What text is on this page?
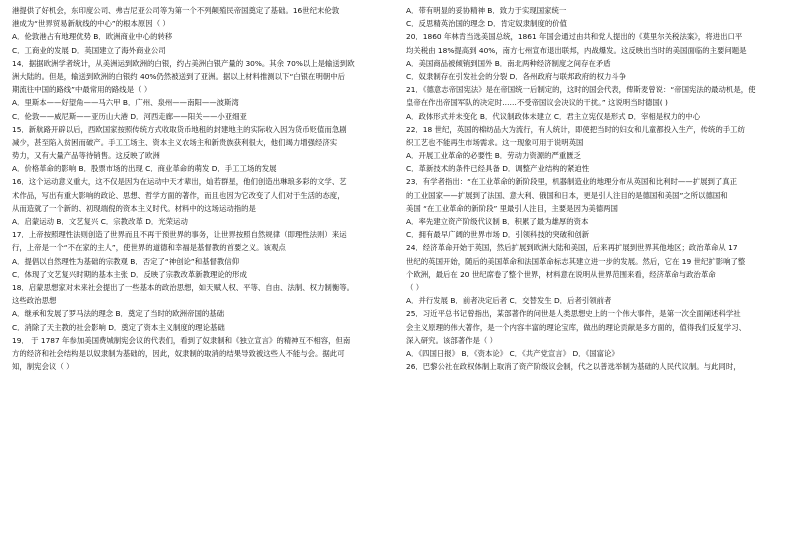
港提供了好机会，东印度公司、弗吉尼亚公司等为第一个不列颠殖民帝国奠定了基础。16世纪末伦敦
港成为“世界贸易新航线的中心”的根本原因（ ）
A．伦敦港占有地理优势 B．欧洲商业中心的转移
C．工商业的发展 D．英国建立了海外商业公司
14．据据欧洲学者统计，从美洲运到欧洲的白银，约占美洲白银产量的 30%。其余 70%以上是输送到欧
洲大陆的。但是，输送到欧洲的白银约 40%仍然被送到了亚洲。据以上材料推测以下“白银在明朝中后
期流往中国的路线”中最常用的路线是（ ）
A．里斯本——好望角——马六甲 B．广州、泉州——南阳——波斯湾
C．伦敦——威尼斯——亚历山大港 D．河西走廊——阳关——小亚细亚
15．新航路开辟以后，西欧国家按照传统方式收取货币地租的封建地主的实际收入因为货币贬值而急剧
减少，甚至陷入贫困而破产。手工工场主、资本主义农场主和新贵族获利很大，他们竭力增强经济实
势力，又有大量产品等待销售。这反映了欧洲
A．价格革命的影响 B．股票市场的出现 C．商业革命的萌发 D．手工工场的发展
16．这个运动意义重大，这不仅是因为在运动中天才辈出，灿若群星，他们创造出琳琅多彩的文学、艺
术作品，写出有重大影响的政论、思想、哲学方面的著作，而且也因为它改变了人们对于生活的态度，
从而造就了一个新的、初现端倪的资本主义时代。材料中的这场运动指的是
A．启蒙运动 B．文艺复兴 C．宗教改革 D．光荣运动
17．上帝按照理性法则创造了世界而且不再干预世界的事务，让世界按照自然规律（即理性法则）来运
行，上帝是一个“不在家的主人”，使世界的道德和幸福是基督教的首要之义。该观点
A．提倡以自然理性为基础的宗教观 B．否定了“神创论”和基督教信仰
C．体现了文艺复兴时期的基本主张 D．反映了宗教改革新教理论的形成
18．启蒙思想家对未来社会提出了一些基本的政治思想，如天赋人权、平等、自由、法制、权力制衡等。
这些政治思想
A．继承和发展了罗马法的理念 B．奠定了当时的欧洲帝国的基础
C．消除了天主教的社会影响 D．奠定了资本主义制度的理论基础
19． 于 1787 年参加美国费城制宪会议的代表们，看到了奴隶制和《独立宣言》的精神互不相容，但南
方的经济和社会结构是以奴隶制为基础的，因此，奴隶制的取消的结果导致被这些人不能与会。据此可
知，制宪会议（ ）
A．带有明显的妥协精神 B．致力于实现国家统一
C．反思精英治国的理念 D．肯定奴隶制度的价值
20．1860 年林肯当选美国总统，1861 年国会通过由共和党人提出的《莫里尔关税法案》，将进出口平
均关税由 18%提高到 40%，南方七州宣布退出联邦，内战爆发。这反映出当时的美国面临的主要问题是
A．美国商品被倾销到国外 B．南北两种经济制度之间存在矛盾
C．奴隶制存在引发社会的分裂 D．各州政府与联邦政府的权力斗争
21．《德意志帝国宪法》是在帝国统一后制定的，这时的国会代表，俾斯麦曾说：“帝国宪法的最动机是，使
皇帝在作出帝国军队的决定时……不受帝国议会决议的干扰。” 这说明当时德国( )
A．政体形式并未变化 B．代议制政体未建立 C．君主立宪仅是形式 D．宰相是权力的中心
22．18 世纪，英国的棉纺品大为流行，有人统计，即使把当时的妇女和儿童都投入生产，传统的手工纺
织工艺也不能再生市场需求。这一现象可用于说明英国
A．开展工业革命的必要性 B．劳动力资源的严重匮乏
C．革新技术的条件已经具备 D．调整产业结构的紧迫性
23．有学者指出：“在工业革命的新阶段里，机器制造业的地理分布从英国和比利时——扩展到了真正
的工业国家——扩展到了法国、意大利、俄国和日本，更是引人注目的是德国和美国”之所以德国和
美国 “在工业革命的新阶段” 里最引人注目，主要是因为美德两国
A．率先建立资产阶级代议制 B．积累了最为雄厚的资本
C．拥有最早广阔的世界市场 D．引领科技的突破和创新
24．经济革命开始于英国，然后扩展到欧洲大陆和美国，后来再扩展到世界其他地区；政治革命从 17
世纪的英国开始，随后的美国革命和法国革命标志其建立进一步的发展。然后，它在 19 世纪扩影响了整
个欧洲，最后在 20 世纪席卷了整个世界，材料意在说明从世界范围来看，经济革命与政治革命
（ ）
A．并行发展 B．前者决定后者 C．交替发生 D．后者引领前者
25．习近平总书记曾指出，某部著作的问世是人类思想史上的一个伟大事件，是第一次全面阐述科学社
会主义原理的伟大著作，是一个内容丰富的理论宝库，做出的理论贡献是多方面的，值得我们反复学习、
深入研究。该部著作是（ ）
A．《四国日报》 B．《资本论》 C．《共产党宣言》 D．《国富论》
26．巴黎公社在政权体制上取消了资产阶级议会制，代之以普选举制为基础的人民代议制。与此同时，
